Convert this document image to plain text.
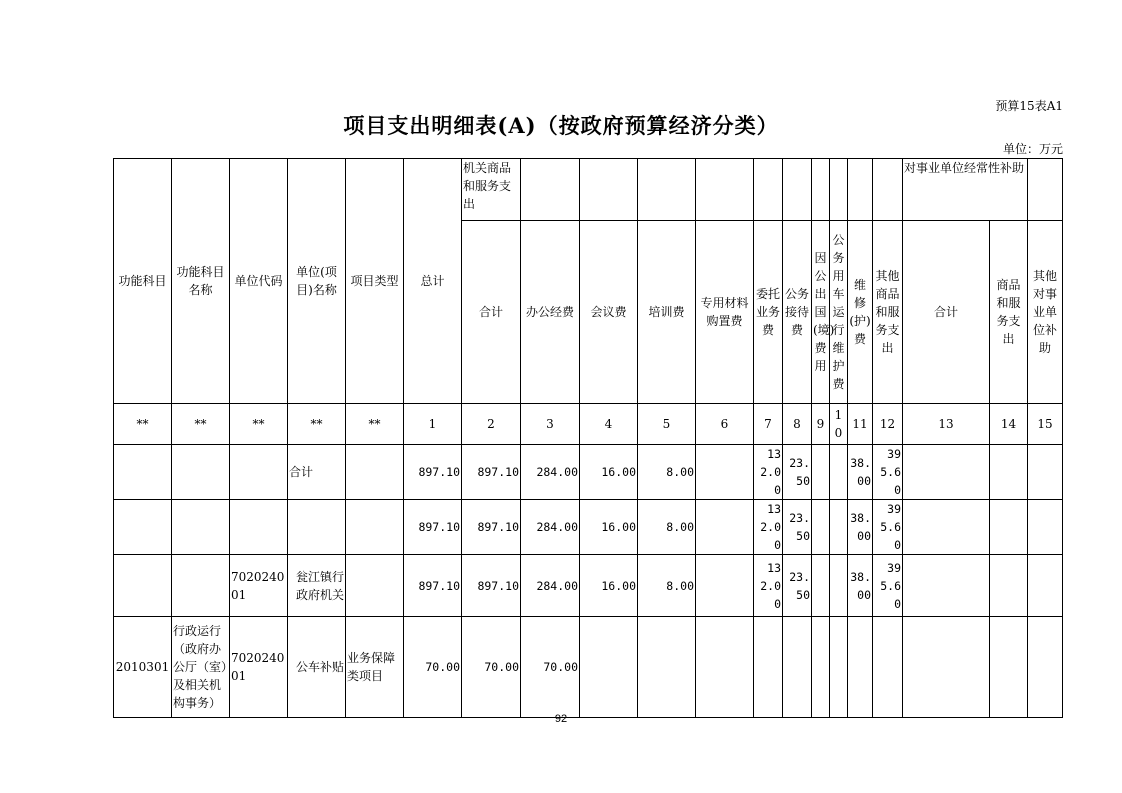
预算15表A1
项目支出明细表(A)（按政府预算经济分类）
单位：万元
功能科目	功能科目名称	单位代码	单位(项目)名称	项目类型	总计	机关商品和服务支出											对事业单位经常性补助		
						合计	办公经费	会议费	培训费	专用材料购置费	委托业务费	公务接待费	因公出国(境)费用	公务用车运行维护费	维修(护)费	其他商品和服务支出	合计	商品和服务支出	其他对事业单位补助
**	**	**	**	**	1	2	3	4	5	6	7	8	9	10	11	12	13	14	15
			合计		897.10	897.10	284.00	16.00	8.00		132.00	23.50			38.00	395.60			
					897.10	897.10	284.00	16.00	8.00		132.00	23.50			38.00	395.60			
		702024001	瓮江镇行政府机关		897.10	897.10	284.00	16.00	8.00		132.00	23.50			38.00	395.60			
2010301	行政运行（政府办公厅（室）及相关机构事务）	702024001	公车补贴	业务保障类项目	70.00	70.00	70.00												
92
